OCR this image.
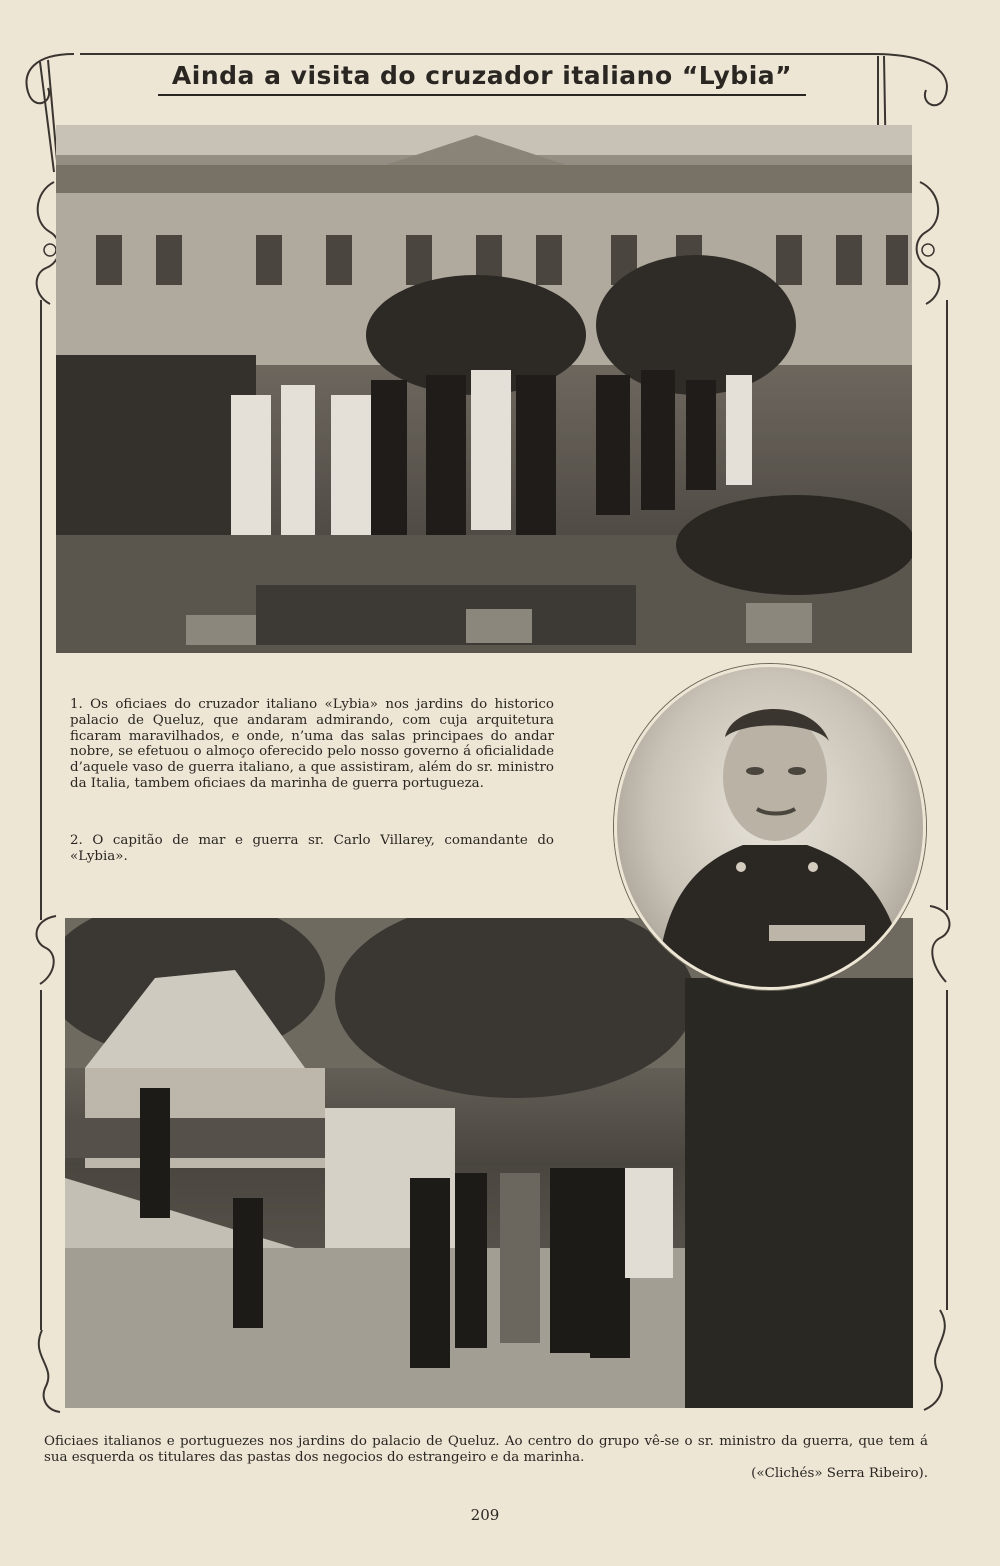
Ainda a visita do cruzador italiano “Lybia”
1. Os oficiaes do cruzador italiano «Lybia» nos jardins do historico palacio de Queluz, que andaram admirando, com cuja arquitetura ficaram maravilhados, e onde, n’uma das salas principaes do andar nobre, se efetuou o almoço oferecido pelo nosso governo á oficialidade d’aquele vaso de guerra italiano, a que assistiram, além do sr. ministro da Italia, tambem oficiaes da marinha de guerra portugueza.
2. O capitão de mar e guerra sr. Carlo Villarey, comandante do «Lybia».
Oficiaes italianos e portuguezes nos jardins do palacio de Queluz. Ao centro do grupo vê-se o sr. ministro da guerra, que tem á sua esquerda os titulares das pastas dos negocios do estrangeiro e da marinha.
(«Clichés» Serra Ribeiro).
209
